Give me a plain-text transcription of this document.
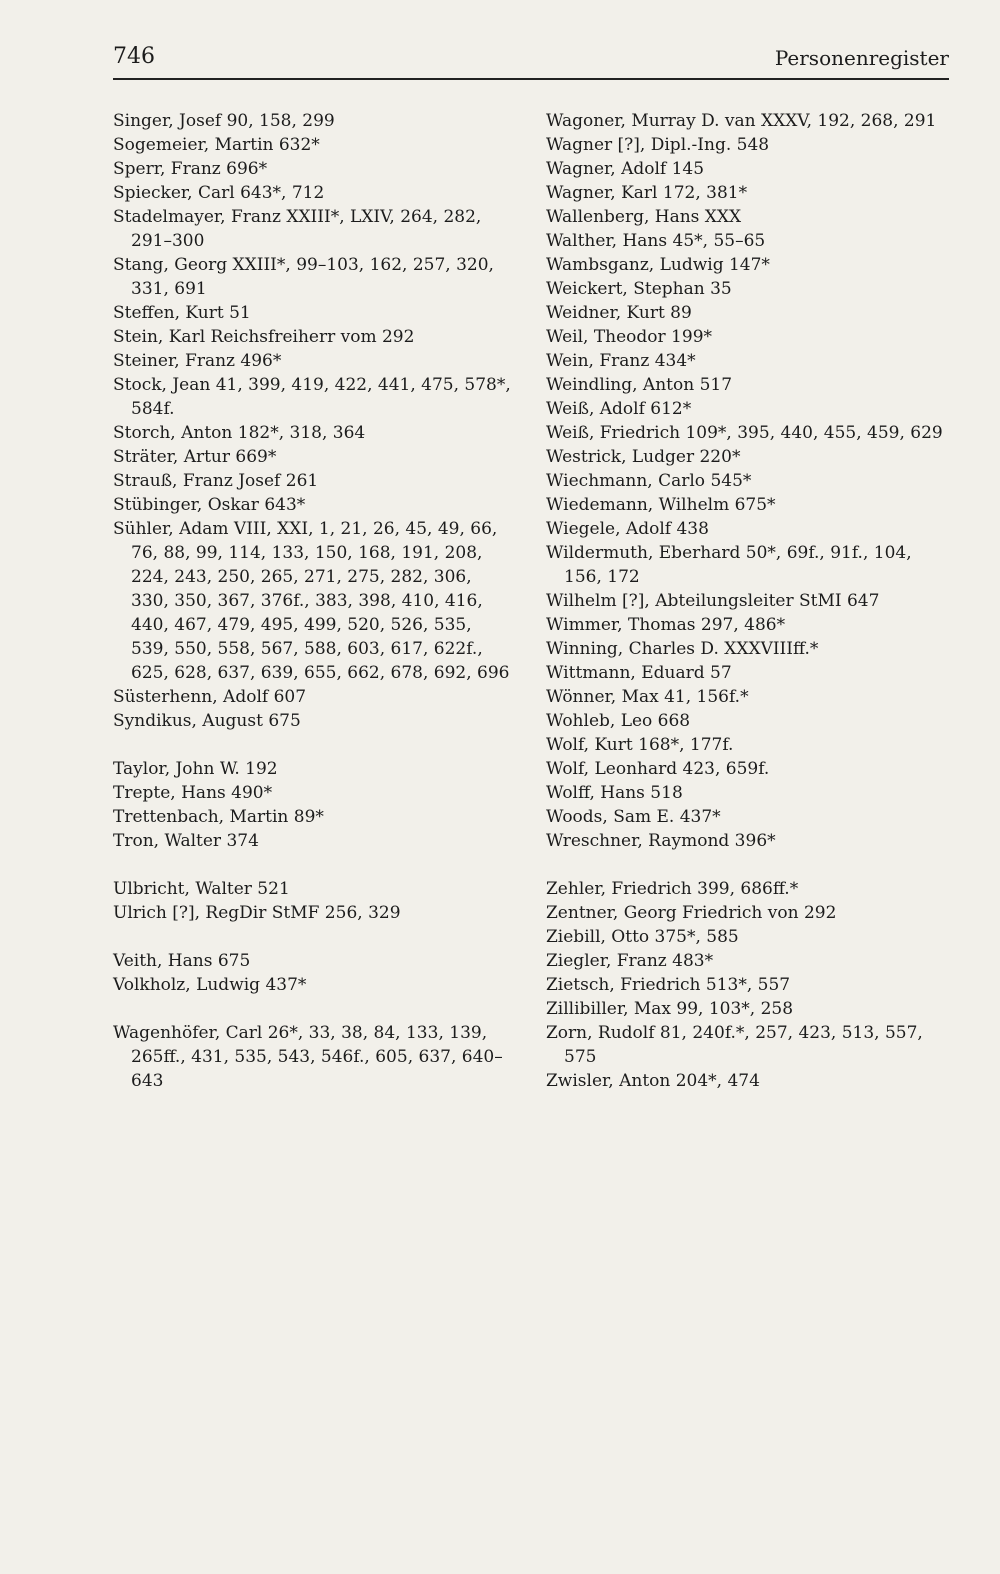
746	Personenregister
Singer, Josef 90, 158, 299
Sogemeier, Martin 632*
Sperr, Franz 696*
Spiecker, Carl 643*, 712
Stadelmayer, Franz XXIII*, LXIV, 264, 282, 291–300
Stang, Georg XXIII*, 99–103, 162, 257, 320, 331, 691
Steffen, Kurt 51
Stein, Karl Reichsfreiherr vom 292
Steiner, Franz 496*
Stock, Jean 41, 399, 419, 422, 441, 475, 578*, 584f.
Storch, Anton 182*, 318, 364
Sträter, Artur 669*
Strauß, Franz Josef 261
Stübinger, Oskar 643*
Sühler, Adam VIII, XXI, 1, 21, 26, 45, 49, 66, 76, 88, 99, 114, 133, 150, 168, 191, 208, 224, 243, 250, 265, 271, 275, 282, 306, 330, 350, 367, 376f., 383, 398, 410, 416, 440, 467, 479, 495, 499, 520, 526, 535, 539, 550, 558, 567, 588, 603, 617, 622f., 625, 628, 637, 639, 655, 662, 678, 692, 696
Süsterhenn, Adolf 607
Syndikus, August 675
Taylor, John W. 192
Trepte, Hans 490*
Trettenbach, Martin 89*
Tron, Walter 374
Ulbricht, Walter 521
Ulrich [?], RegDir StMF 256, 329
Veith, Hans 675
Volkholz, Ludwig 437*
Wagenhöfer, Carl 26*, 33, 38, 84, 133, 139, 265ff., 431, 535, 543, 546f., 605, 637, 640–643
Wagoner, Murray D. van XXXV, 192, 268, 291
Wagner [?], Dipl.-Ing. 548
Wagner, Adolf 145
Wagner, Karl 172, 381*
Wallenberg, Hans XXX
Walther, Hans 45*, 55–65
Wambsganz, Ludwig 147*
Weickert, Stephan 35
Weidner, Kurt 89
Weil, Theodor 199*
Wein, Franz 434*
Weindling, Anton 517
Weiß, Adolf 612*
Weiß, Friedrich 109*, 395, 440, 455, 459, 629
Westrick, Ludger 220*
Wiechmann, Carlo 545*
Wiedemann, Wilhelm 675*
Wiegele, Adolf 438
Wildermuth, Eberhard 50*, 69f., 91f., 104, 156, 172
Wilhelm [?], Abteilungsleiter StMI 647
Wimmer, Thomas 297, 486*
Winning, Charles D. XXXVIIIff.*
Wittmann, Eduard 57
Wönner, Max 41, 156f.*
Wohleb, Leo 668
Wolf, Kurt 168*, 177f.
Wolf, Leonhard 423, 659f.
Wolff, Hans 518
Woods, Sam E. 437*
Wreschner, Raymond 396*
Zehler, Friedrich 399, 686ff.*
Zentner, Georg Friedrich von 292
Ziebill, Otto 375*, 585
Ziegler, Franz 483*
Zietsch, Friedrich 513*, 557
Zillibiller, Max 99, 103*, 258
Zorn, Rudolf 81, 240f.*, 257, 423, 513, 557, 575
Zwisler, Anton 204*, 474
